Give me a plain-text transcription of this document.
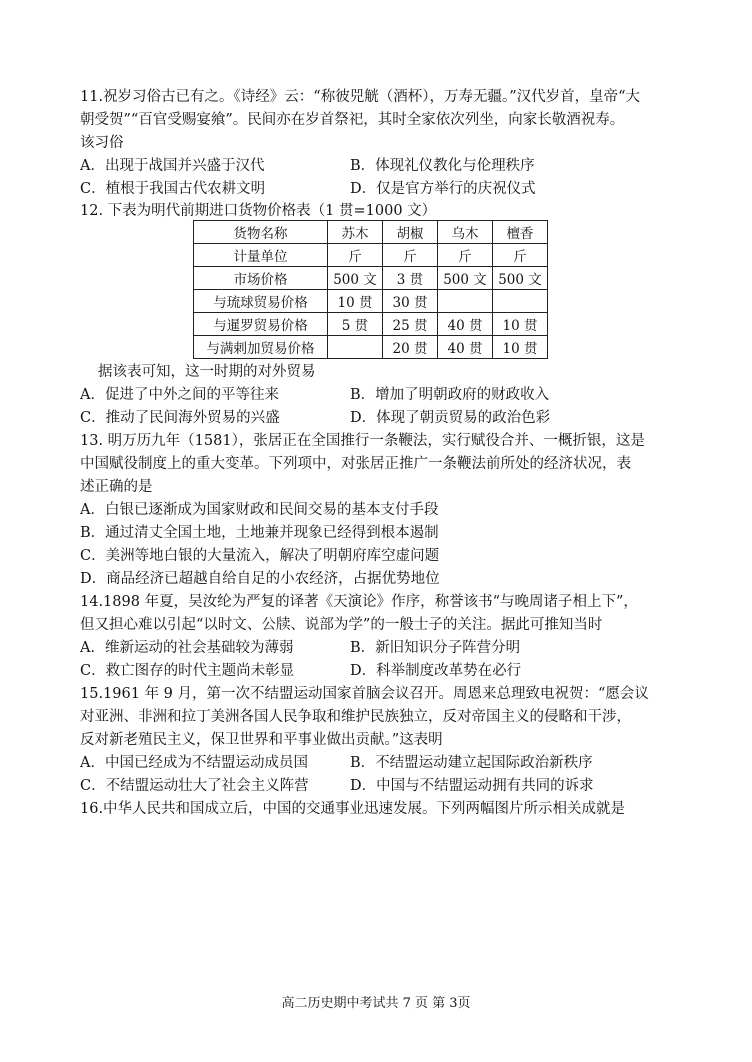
11.祝岁习俗古已有之。《诗经》云：“称彼兕觥（酒杯），万寿无疆。”汉代岁首，皇帝“大
朝受贺”“百官受赐宴飨”。民间亦在岁首祭祀，其时全家依次列坐，向家长敬酒祝寿。
该习俗
A．出现于战国并兴盛于汉代	B．体现礼仪教化与伦理秩序
C．植根于我国古代农耕文明	D．仅是官方举行的庆祝仪式
12. 下表为明代前期进口货物价格表（1 贯=1000 文）
货物名称	苏木	胡椒	乌木	檀香
计量单位	斤	斤	斤	斤
市场价格	500 文	3 贯	500 文	500 文
与琉球贸易价格	10 贯	30 贯		
与暹罗贸易价格	5 贯	25 贯	40 贯	10 贯
与满剌加贸易价格		20 贯	40 贯	10 贯
据该表可知，这一时期的对外贸易
A．促进了中外之间的平等往来	B．增加了明朝政府的财政收入
C．推动了民间海外贸易的兴盛	D．体现了朝贡贸易的政治色彩
13. 明万历九年（1581），张居正在全国推行一条鞭法，实行赋役合并、一概折银，这是
中国赋役制度上的重大变革。下列项中，对张居正推广一条鞭法前所处的经济状况，表
述正确的是
A．白银已逐渐成为国家财政和民间交易的基本支付手段
B．通过清丈全国土地，土地兼并现象已经得到根本遏制
C．美洲等地白银的大量流入，解决了明朝府库空虚问题
D．商品经济已超越自给自足的小农经济，占据优势地位
14.1898 年夏，吴汝纶为严复的译著《天演论》作序，称誉该书“与晚周诸子相上下”，
但又担心难以引起“以时文、公牍、说部为学”的一般士子的关注。据此可推知当时
A．维新运动的社会基础较为薄弱	B．新旧知识分子阵营分明
C．救亡图存的时代主题尚未彰显	D．科举制度改革势在必行
15.1961 年 9 月，第一次不结盟运动国家首脑会议召开。周恩来总理致电祝贺：“愿会议
对亚洲、非洲和拉丁美洲各国人民争取和维护民族独立，反对帝国主义的侵略和干涉，
反对新老殖民主义，保卫世界和平事业做出贡献。”这表明
A．中国已经成为不结盟运动成员国	B．不结盟运动建立起国际政治新秩序
C．不结盟运动壮大了社会主义阵营	D．中国与不结盟运动拥有共同的诉求
16.中华人民共和国成立后，中国的交通事业迅速发展。下列两幅图片所示相关成就是
高二历史期中考试共 7 页 第 3页
